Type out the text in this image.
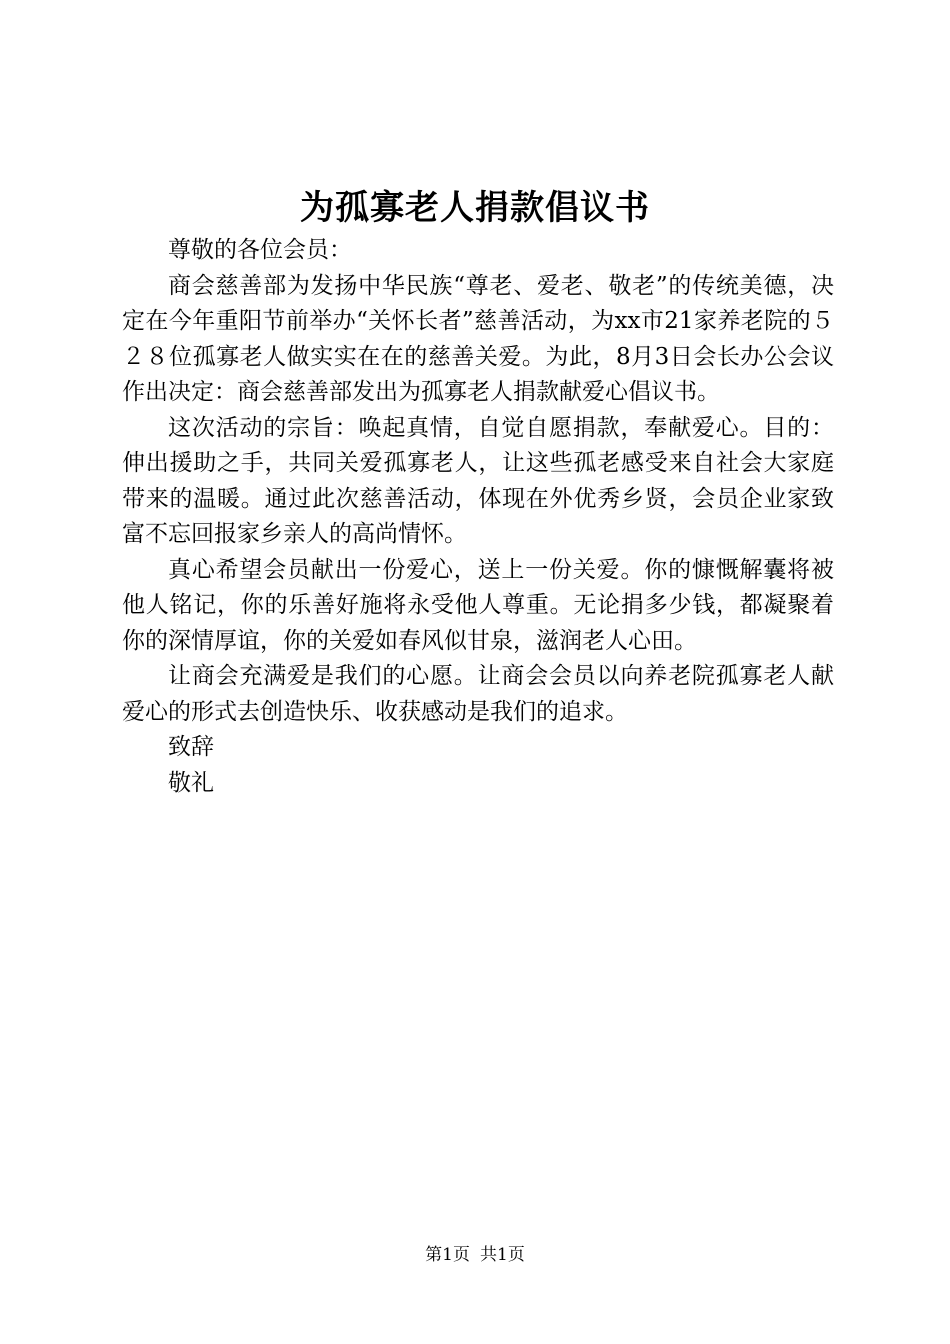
为孤寡老人捐款倡议书

尊敬的各位会员：

商会慈善部为发扬中华民族“尊老、爱老、敬老”的传统美德，决定在今年重阳节前举办“关怀长者”慈善活动，为xx市21家养老院的５２８位孤寡老人做实实在在的慈善关爱。为此，8月3日会长办公会议作出决定：商会慈善部发出为孤寡老人捐款献爱心倡议书。

这次活动的宗旨：唤起真情，自觉自愿捐款，奉献爱心。目的：伸出援助之手，共同关爱孤寡老人，让这些孤老感受来自社会大家庭带来的温暖。通过此次慈善活动，体现在外优秀乡贤，会员企业家致富不忘回报家乡亲人的高尚情怀。

真心希望会员献出一份爱心，送上一份关爱。你的慷慨解囊将被他人铭记，你的乐善好施将永受他人尊重。无论捐多少钱，都凝聚着你的深情厚谊，你的关爱如春风似甘泉，滋润老人心田。

让商会充满爱是我们的心愿。让商会会员以向养老院孤寡老人献爱心的形式去创造快乐、收获感动是我们的追求。

致辞

敬礼

第1页 共1页
